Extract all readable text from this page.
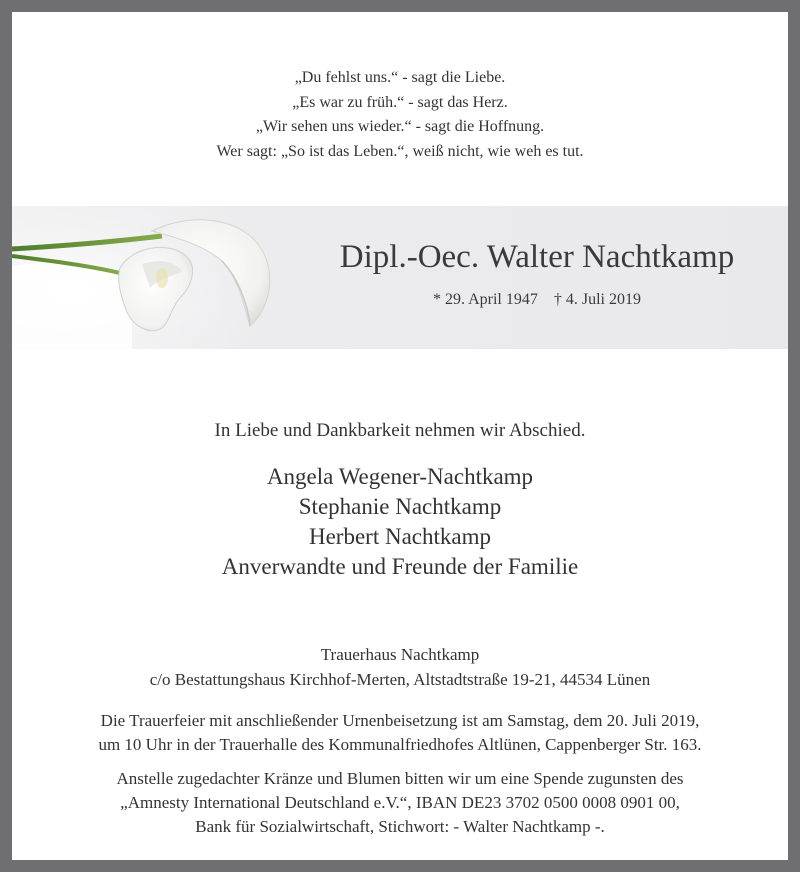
„Du fehlst uns.“ - sagt die Liebe.
„Es war zu früh.“ - sagt das Herz.
„Wir sehen uns wieder.“ - sagt die Hoffnung.
Wer sagt: „So ist das Leben.“, weiß nicht, wie weh es tut.
Dipl.-Oec. Walter Nachtkamp
* 29. April 1947 † 4. Juli 2019
In Liebe und Dankbarkeit nehmen wir Abschied.
Angela Wegener-Nachtkamp
Stephanie Nachtkamp
Herbert Nachtkamp
Anverwandte und Freunde der Familie
Trauerhaus Nachtkamp
c/o Bestattungshaus Kirchhof-Merten, Altstadtstraße 19-21, 44534 Lünen
Die Trauerfeier mit anschließender Urnenbeisetzung ist am Samstag, dem 20. Juli 2019,
um 10 Uhr in der Trauerhalle des Kommunalfriedhofes Altlünen, Cappenberger Str. 163.
Anstelle zugedachter Kränze und Blumen bitten wir um eine Spende zugunsten des
„Amnesty International Deutschland e.V.“, IBAN DE23 3702 0500 0008 0901 00,
Bank für Sozialwirtschaft, Stichwort: - Walter Nachtkamp -.
